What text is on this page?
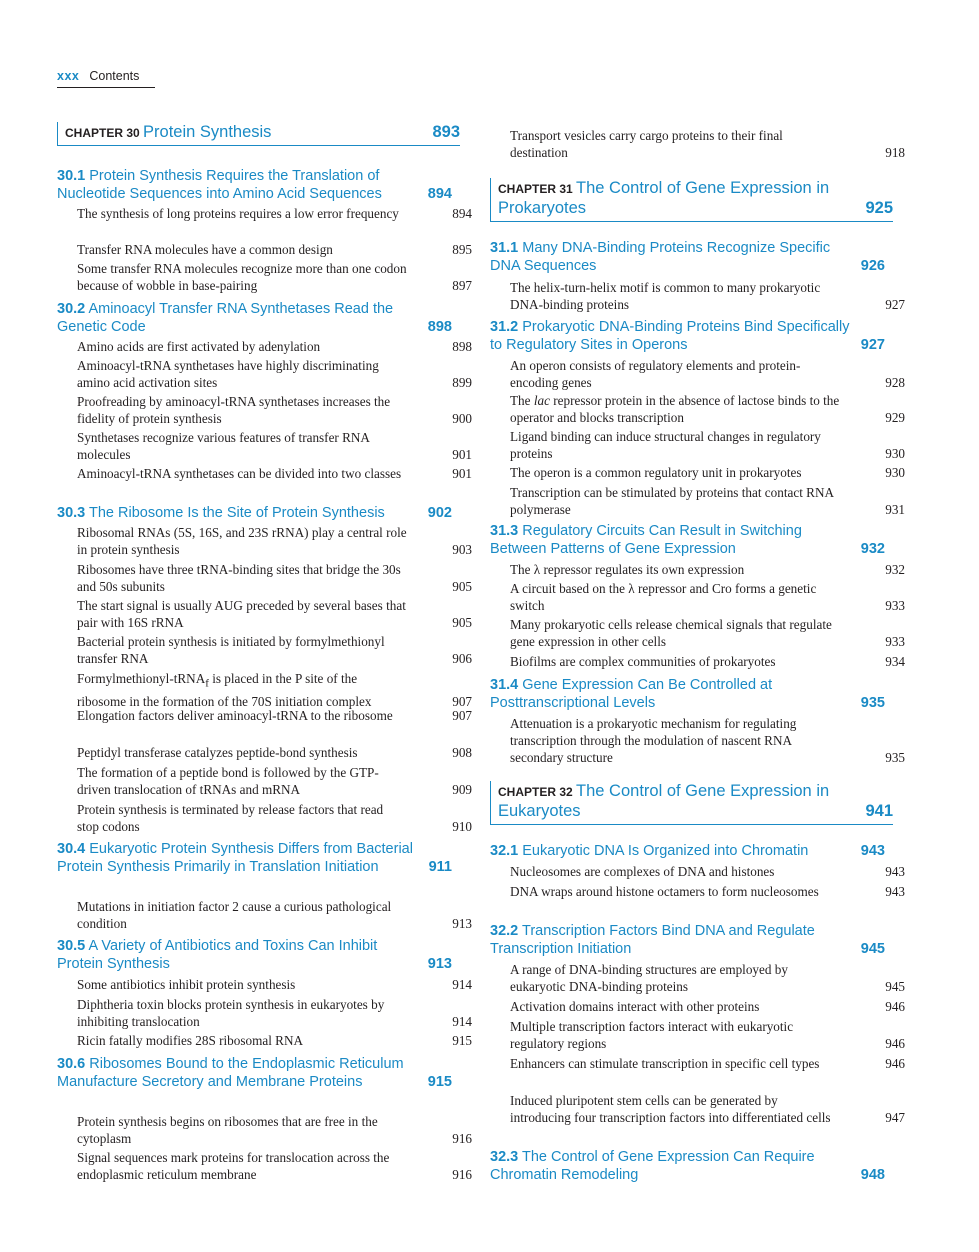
xxx Contents
CHAPTER 30 Protein Synthesis	893
30.1 Protein Synthesis Requires the Translation of Nucleotide Sequences into Amino Acid Sequences	894
The synthesis of long proteins requires a low error frequency	894
Transfer RNA molecules have a common design	895
Some transfer RNA molecules recognize more than one codon because of wobble in base-pairing	897
30.2 Aminoacyl Transfer RNA Synthetases Read the Genetic Code	898
Amino acids are first activated by adenylation	898
Aminoacyl-tRNA synthetases have highly discriminating amino acid activation sites	899
Proofreading by aminoacyl-tRNA synthetases increases the fidelity of protein synthesis	900
Synthetases recognize various features of transfer RNA molecules	901
Aminoacyl-tRNA synthetases can be divided into two classes	901
30.3 The Ribosome Is the Site of Protein Synthesis	902
Ribosomal RNAs (5S, 16S, and 23S rRNA) play a central role in protein synthesis	903
Ribosomes have three tRNA-binding sites that bridge the 30s and 50s subunits	905
The start signal is usually AUG preceded by several bases that pair with 16S rRNA	905
Bacterial protein synthesis is initiated by formylmethionyl transfer RNA	906
Formylmethionyl-tRNA$_f$ is placed in the P site of the ribosome in the formation of the 70S initiation complex	907
Elongation factors deliver aminoacyl-tRNA to the ribosome	907
Peptidyl transferase catalyzes peptide-bond synthesis	908
The formation of a peptide bond is followed by the GTP-driven translocation of tRNAs and mRNA	909
Protein synthesis is terminated by release factors that read stop codons	910
30.4 Eukaryotic Protein Synthesis Differs from Bacterial Protein Synthesis Primarily in Translation Initiation	911
Mutations in initiation factor 2 cause a curious pathological condition	913
30.5 A Variety of Antibiotics and Toxins Can Inhibit Protein Synthesis	913
Some antibiotics inhibit protein synthesis	914
Diphtheria toxin blocks protein synthesis in eukaryotes by inhibiting translocation	914
Ricin fatally modifies 28S ribosomal RNA	915
30.6 Ribosomes Bound to the Endoplasmic Reticulum Manufacture Secretory and Membrane Proteins	915
Protein synthesis begins on ribosomes that are free in the cytoplasm	916
Signal sequences mark proteins for translocation across the endoplasmic reticulum membrane	916
Transport vesicles carry cargo proteins to their final destination	918
CHAPTER 31 The Control of Gene Expression in Prokaryotes	925
31.1 Many DNA-Binding Proteins Recognize Specific DNA Sequences	926
The helix-turn-helix motif is common to many prokaryotic DNA-binding proteins	927
31.2 Prokaryotic DNA-Binding Proteins Bind Specifically to Regulatory Sites in Operons	927
An operon consists of regulatory elements and protein-encoding genes	928
The lac repressor protein in the absence of lactose binds to the operator and blocks transcription	929
Ligand binding can induce structural changes in regulatory proteins	930
The operon is a common regulatory unit in prokaryotes	930
Transcription can be stimulated by proteins that contact RNA polymerase	931
31.3 Regulatory Circuits Can Result in Switching Between Patterns of Gene Expression	932
The λ repressor regulates its own expression	932
A circuit based on the λ repressor and Cro forms a genetic switch	933
Many prokaryotic cells release chemical signals that regulate gene expression in other cells	933
Biofilms are complex communities of prokaryotes	934
31.4 Gene Expression Can Be Controlled at Posttranscriptional Levels	935
Attenuation is a prokaryotic mechanism for regulating transcription through the modulation of nascent RNA secondary structure	935
CHAPTER 32 The Control of Gene Expression in Eukaryotes	941
32.1 Eukaryotic DNA Is Organized into Chromatin	943
Nucleosomes are complexes of DNA and histones	943
DNA wraps around histone octamers to form nucleosomes	943
32.2 Transcription Factors Bind DNA and Regulate Transcription Initiation	945
A range of DNA-binding structures are employed by eukaryotic DNA-binding proteins	945
Activation domains interact with other proteins	946
Multiple transcription factors interact with eukaryotic regulatory regions	946
Enhancers can stimulate transcription in specific cell types	946
Induced pluripotent stem cells can be generated by introducing four transcription factors into differentiated cells	947
32.3 The Control of Gene Expression Can Require Chromatin Remodeling	948
